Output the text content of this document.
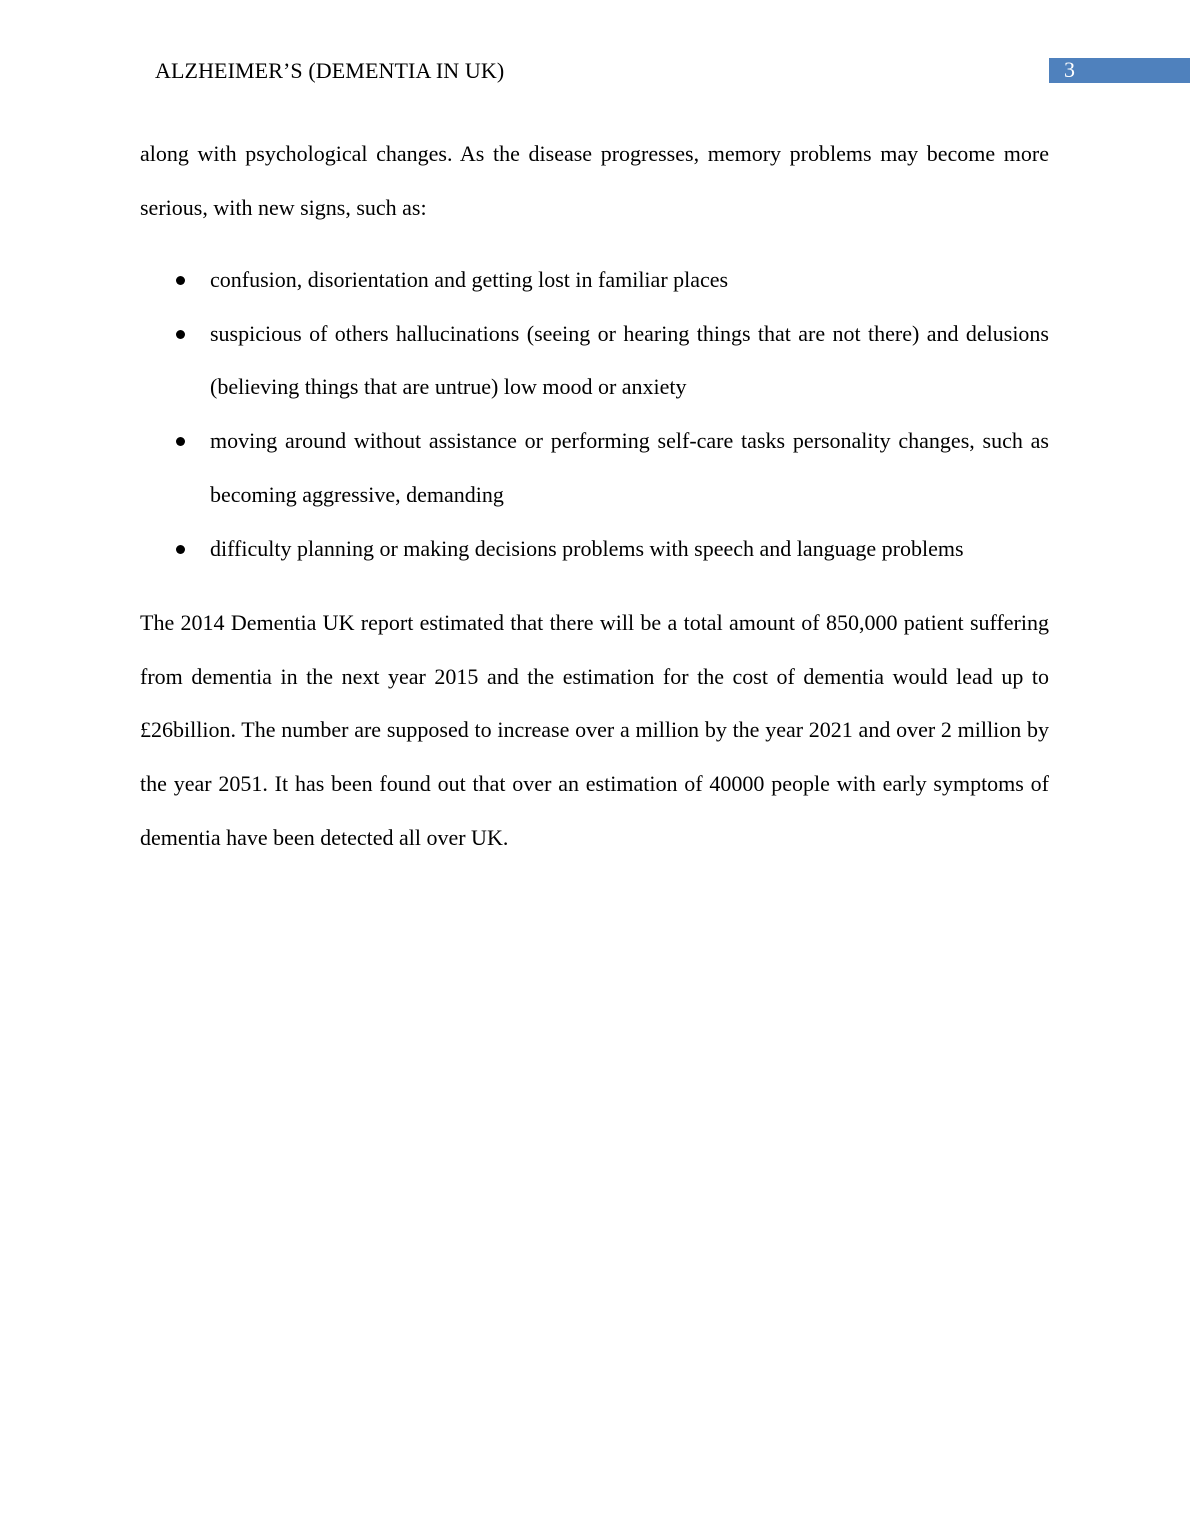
ALZHEIMER’S (DEMENTIA IN UK)	3

along with psychological changes. As the disease progresses, memory problems may become more serious, with new signs, such as:

confusion, disorientation and getting lost in familiar places
suspicious of others hallucinations (seeing or hearing things that are not there) and delusions (believing things that are untrue) low mood or anxiety
moving around without assistance or performing self-care tasks personality changes, such as becoming aggressive, demanding
difficulty planning or making decisions problems with speech and language problems

The 2014 Dementia UK report estimated that there will be a total amount of 850,000 patient suffering from dementia in the next year 2015 and the estimation for the cost of dementia would lead up to £26billion. The number are supposed to increase over a million by the year 2021 and over 2 million by the year 2051. It has been found out that over an estimation of 40000 people with early symptoms of dementia have been detected all over UK.
